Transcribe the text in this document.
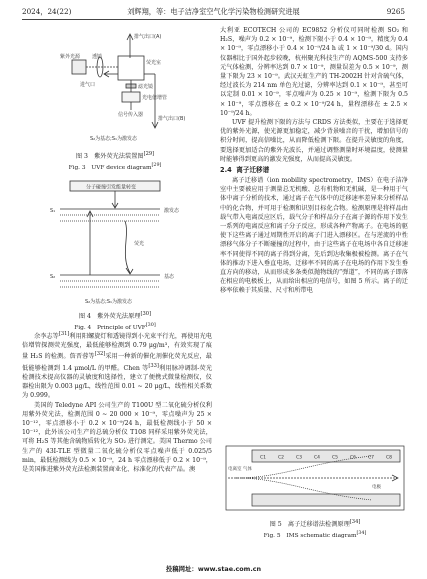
2024，24(22)	刘辉翔，等：电子洁净室空气化学污染物检测研究进展	9265
排气出口(A)
紫外光源 透镜
荧光室
滤光镜
光电倍增管
信号传入器
进气口
排气出口(B)
S₂为基态;S₁为激发态
图 3　紫外荧光法装置图[29]
Fig. 3　UVF device diagram[29]
分子碰撞引发能量转变
激发态
基态
荧光
S₁
S₂
S₂为基态;S₁为激发态
图 4　紫外荧光法原理[30]
Fig. 4　Principle of UVF[30]

余李志等[31]利用阳螺旋灯和透镜得到小光束平行光，再使用光电倍增管探测荧光强度，最低能够检测到 0.79 μg/m³，有效实现了痕量 H₂S 的检测。詹晋蓉等[32]采用一种新的催化剂催化荧光反应，最低能够检测到 1.4 μmol/L 的甲醛。Chen 等[33]利用脉冲调制-荧光检测技术提高仪器的灵敏度和选择性，建立了便携式微量检测仪，仪器检出限为 0.003 μg/L，线性范围 0.01 ~ 20 μg/L，线性相关系数为 0.999。

美国的 Teledyne API 公司生产的 T100U 型二氧化硫分析仪利用紫外荧光法，检测范围 0 ~ 20 000 × 10⁻⁹，零点噪声为 25 × 10⁻¹²，零点漂移小于 0.2 × 10⁻⁹/24 h，最低检测线小于 50 × 10⁻¹²，此外该公司生产的总硫分析仪 T108 同样采用紫外荧光法，可将 H₂S 等其他含硫物质转化为 SO₂ 进行测定。美国 Thermo 公司生产的 43I-TLE 型微量二氧化硫分析仪零点噪声低于 0.025/5 min，最低检测线为 0.5 × 10⁻⁹，24 h 零点漂移低于 0.2 × 10⁻⁹，是美国推进紫外荧光法检测装置商业化、标准化的代表产品。澳

大利亚 ECOTECH 公司的 EC9852 分析仪可同时检测 SO₂ 和 H₂S，噪声为 0.2 × 10⁻⁹，检测下限小于 0.4 × 10⁻⁹，精度为 0.4 × 10⁻⁹，零点漂移小于 0.4 × 10⁻⁹/24 h 或 1 × 10⁻⁹/30 d。国内仪器相比于国外起步较晚，杭州聚光科技生产的 AQMS-500 支持多元气体检测，分辨率达到 0.7 × 10⁻⁹，测量误差为 0.5 × 10⁻⁹，测量下限为 23 × 10⁻⁹。武汉天虹生产的 TH-2002H 针对含硫气体，经过波长为 214 nm 单色光过滤，分辨率达到 0.1 × 10⁻⁹，甚至可以定制 0.01 × 10⁻⁹，零点噪声为 0.25 × 10⁻⁹，检测下限为 0.5 × 10⁻⁹，零点漂移在 ± 0.2 × 10⁻⁹/24 h，量程漂移在 ± 2.5 × 10⁻⁹/24 h。

UVF 提升检测下限的方法与 CRDS 方法类似，主要在于选择更优的紫外光源，使光源更加稳定，减少背景噪音的干扰，增加信号的积分时间，提高信噪比，从而降低检测下限。在提升灵敏度的角度，要选择更加适合的紫外光波长，并通过调整测量时环境温度，使测量时能够得到更高的激发光强度，从而提高灵敏度。

2.4 离子迁移谱

离子迁移谱（ion mobility spectrometry，IMS）在电子洁净室中主要被应用于测量总无机酸、总有机物和无机碱，是一种用于气体中离子分析的技术，通过离子在气体中的迁移速率差异来分析样品中的化合物，并可用于检测和识别目标化合物。检测原理是将样品由载气带入电离反应区后，载气分子和样品分子在离子源的作用下发生一系列的电离反应和离子分子反应，形成各种产物离子。在电场的驱使下这些离子通过周期性开启的离子门进入漂移区。在与逆流的中性漂移气体分子不断碰撞的过程中，由于这些离子在电场中各自迁移速率不同使得不同的离子得到分离，先后到达收集极被检测。离子在气体的推动下进入垂直电场，迁移率不同的离子在电场的作用下发生垂直方向的移动，从而形成多条类似抛物线的“弹道”，不同的离子即落在相应的电极板上，从而给出相应的电信号，如图 5 所示。离子的迁移率依赖于其质量、尺寸和所带电

C1	C2	C3	C4	C5	C6	C7	C8
电离室 气体
电极
图 5　离子迁移谱法检测原理[34]
Fig. 5　IMS schematic diagram[34]
投稿网址：www.stae.com.cn
